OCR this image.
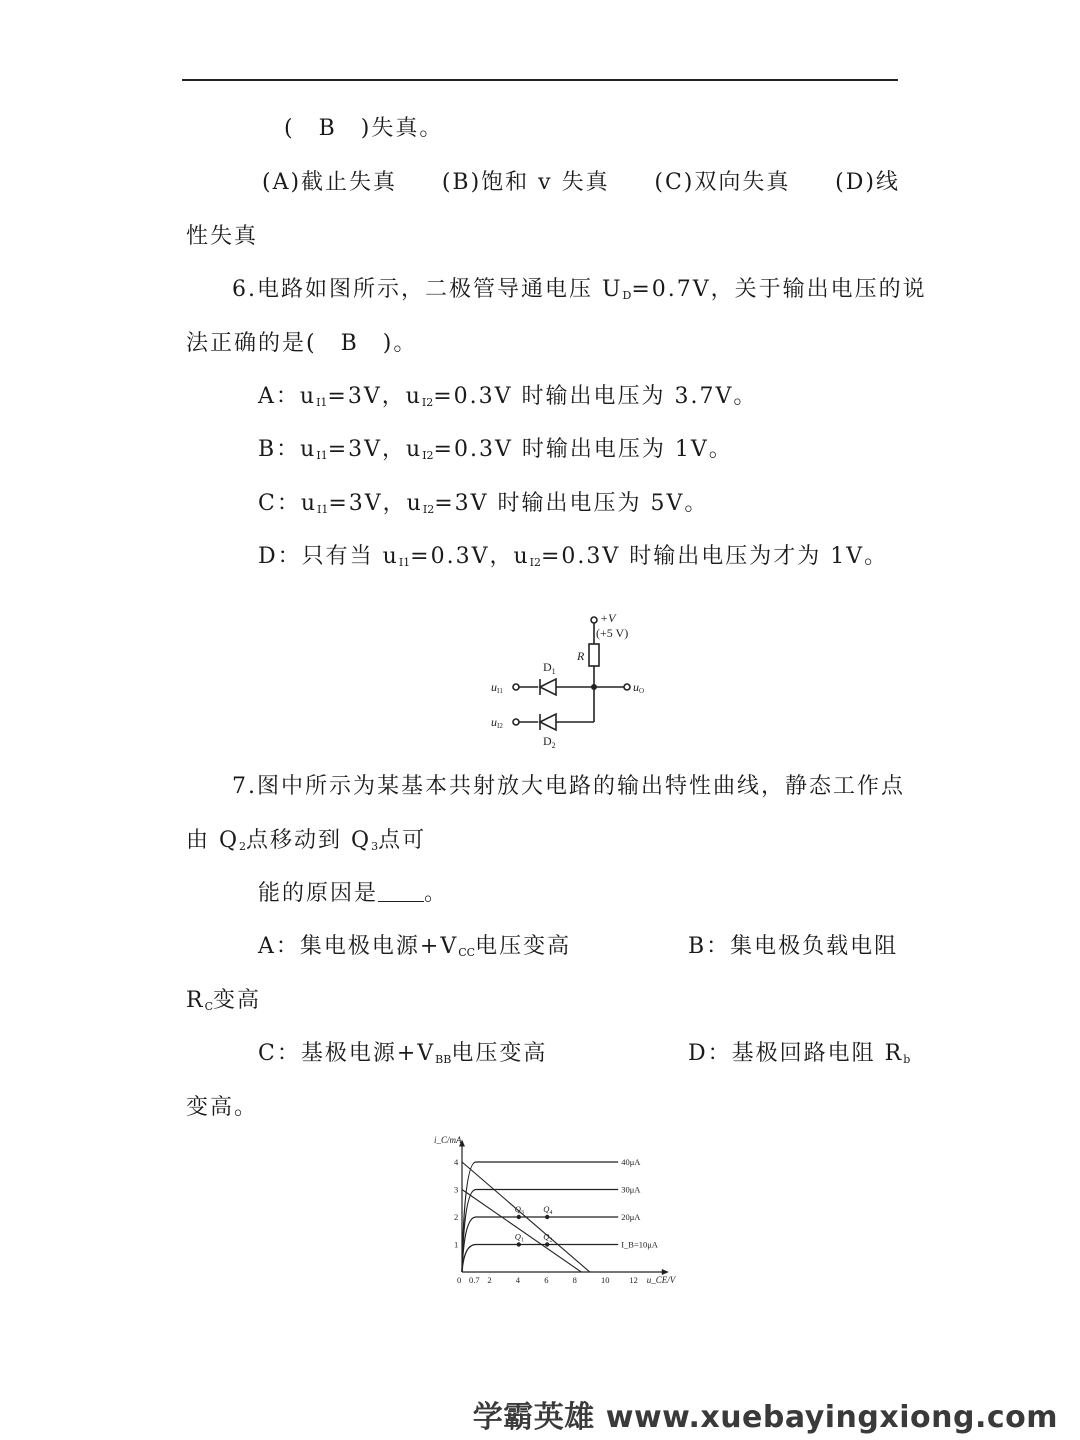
(　B　)失真。
(A)截止失真 (B)饱和 v 失真 (C)双向失真 (D)线
性失真
6.电路如图所示，二极管导通电压 $U_D=0.7V$，关于输出电压的说
法正确的是(　B　)。
A：$u_{I1}=3V$，$u_{I2}=0.3V$ 时输出电压为 3.7V。
B：$u_{I1}=3V$，$u_{I2}=0.3V$ 时输出电压为 1V。
C：$u_{I1}=3V$，$u_{I2}=3V$ 时输出电压为 5V。
D：只有当 $u_{I1}=0.3V$，$u_{I2}=0.3V$ 时输出电压为才为 1V。
+V
(+5 V)
R
$D_1$
$D_2$
uI1
uI2
uO
7.图中所示为某基本共射放大电路的输出特性曲线，静态工作点
由 $Q_2$点移动到 $Q_3$点可
能的原因是 。
A：集电极电源$+V_{CC}$电压变高	B：集电极负载电阻
$R_C$变高
C：基极电源$+V_{BB}$电压变高	D：基极回路电阻 $R_b$
变高。
i_C/mA
u_CE/V
0 0.7 2	4	6	8	10 12
1
2
3
4
I_B=10μA
20μA
30μA
40μA
$Q_1$ $Q_2$
$Q_3$ $Q_4$
学霸英雄 www.xuebayingxiong.com
